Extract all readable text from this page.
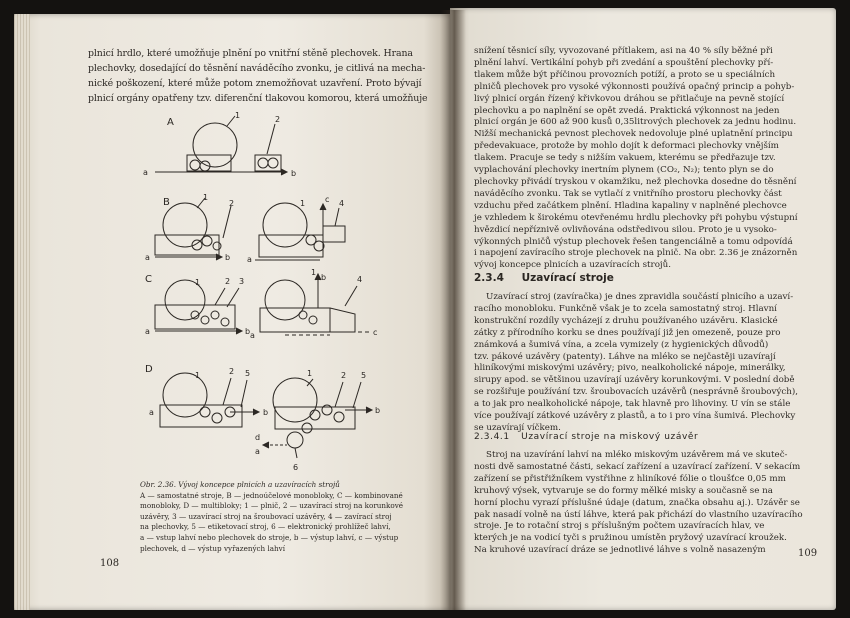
plnicí hrdlo, které umožňuje plnění po vnitřní stěně plechovek. Hrana
plechovky, dosedající do těsnění naváděcího zvonku, je citlivá na mecha-
nické poškození, které může potom znemožňovat uzavření. Proto bývají
plnicí orgány opatřeny tzv. diferenční tlakovou komorou, která umožňuje
A
B
C
D
1	2
a	b
1
2
a	b a
1 c 4
1	2 3
a	b
1
b	4
c
a
1	2 5
a	b
1	2 5
b
d
a
6
Obr. 2.36. Vývoj koncepce plnicích a uzavíracích strojů
A — samostatné stroje, B — jednoúčelové monobloky, C — kombinované
monobloky, D — multibloky; 1 — plnič, 2 — uzavírací stroj na korunkové
uzávěry, 3 — uzavírací stroj na šroubovací uzávěry, 4 — zavírací stroj
na plechovky, 5 — etiketovací stroj, 6 — elektronický prohlížeč lahví,
a — vstup lahví nebo plechovek do stroje, b — výstup lahví, c — výstup
plechovek, d — výstup vyřazených lahví
108
snížení těsnicí síly, vyvozované přítlakem, asi na 40 % síly běžné při
plnění lahví. Vertikální pohyb při zvedání a spouštění plechovky pří-
tlakem může být příčinou provozních potíží, a proto se u speciálních
plničů plechovek pro vysoké výkonnosti používá opačný princip a pohyb-
livý plnicí orgán řízený křivkovou dráhou se přitlačuje na pevně stojící
plechovku a po naplnění se opět zvedá. Praktická výkonnost na jeden
plnicí orgán je 600 až 900 kusů 0,35litrových plechovek za jednu hodinu.
Nižší mechanická pevnost plechovek nedovoluje plné uplatnění principu
předevakuace, protože by mohlo dojít k deformaci plechovky vnějším
tlakem. Pracuje se tedy s nižším vakuem, kterému se předřazuje tzv.
vyplachování plechovky inertním plynem (CO₂, N₂); tento plyn se do
plechovky přivádí tryskou v okamžiku, než plechovka dosedne do těsnění
naváděcího zvonku. Tak se vytlačí z vnitřního prostoru plechovky část
vzduchu před začátkem plnění. Hladina kapaliny v naplněné plechovce
je vzhledem k širokému otevřenému hrdlu plechovky při pohybu výstupní
hvězdicí nepříznivě ovlivňována odstředivou silou. Proto je u vysoko-
výkonných plničů výstup plechovek řešen tangenciálně a tomu odpovídá
i napojení zavíracího stroje plechovek na plnič. Na obr. 2.36 je znázorněn
vývoj koncepce plnicích a uzavíracích strojů.
2.3.4 Uzavírací stroje
Uzavírací stroj (zavíračka) je dnes zpravidla součástí plnicího a uzaví-
racího monobloku. Funkčně však je to zcela samostatný stroj. Hlavní
konstrukční rozdíly vycházejí z druhu používaného uzávěru. Klasické
zátky z přírodního korku se dnes používají již jen omezeně, pouze pro
známková a šumivá vína, a zcela vymizely (z hygienických důvodů)
tzv. pákové uzávěry (patenty). Láhve na mléko se nejčastěji uzavírají
hliníkovými miskovými uzávěry; pivo, nealkoholické nápoje, minerálky,
sirupy apod. se většinou uzavírají uzávěry korunkovými. V poslední době
se rozšiřuje používání tzv. šroubovacích uzávěrů (nesprávně šroubových),
a to jak pro nealkoholické nápoje, tak hlavně pro lihoviny. U vín se stále
více používají zátkové uzávěry z plastů, a to i pro vína šumivá. Plechovky
se uzavírají víčkem.
2.3.4.1 Uzavírací stroje na miskový uzávěr
Stroj na uzavírání lahví na mléko miskovým uzávěrem má ve skuteč-
nosti dvě samostatné části, sekací zařízení a uzavírací zařízení. V sekacím
zařízení se přistřižníkem vystřihne z hliníkové fólie o tloušťce 0,05 mm
kruhový výsek, vytvaruje se do formy mělké misky a současně se na
horní plochu vyrazí příslušné údaje (datum, značka obsahu aj.). Uzávěr se
pak nasadí volně na ústí láhve, která pak přichází do vlastního uzavíracího
stroje. Je to rotační stroj s příslušným počtem uzavíracích hlav, ve
kterých je na vodicí tyči s pružinou umístěn pryžový uzavírací kroužek.
Na kruhové uzavírací dráze se jednotlivé láhve s volně nasazeným	109
